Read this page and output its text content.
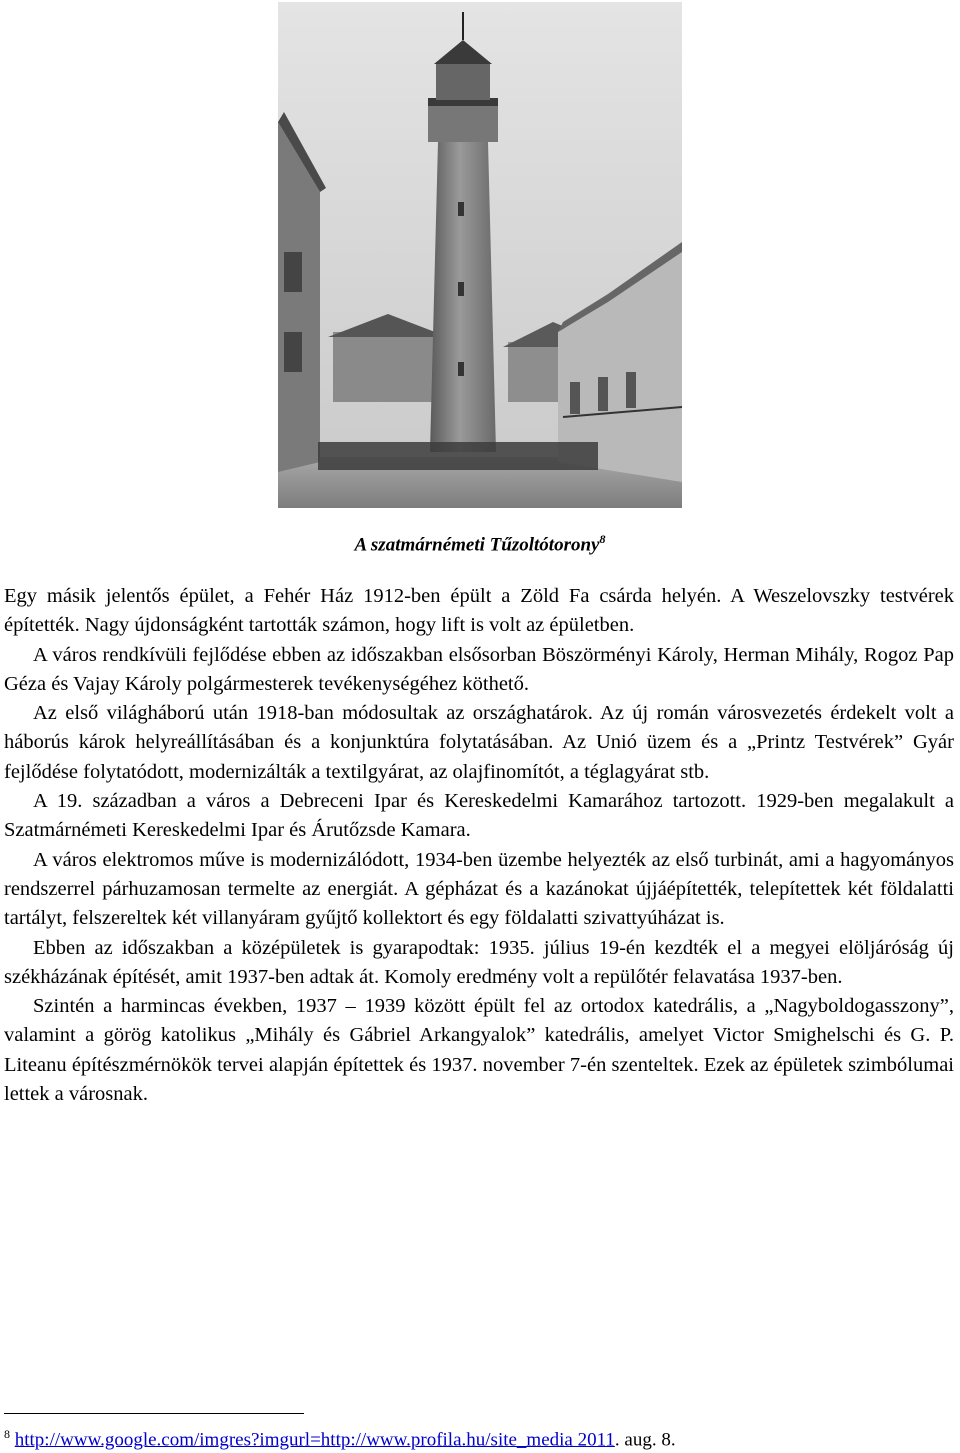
A szatmárnémeti Tűzoltótorony$^8$

Egy másik jelentős épület, a Fehér Ház 1912-ben épült a Zöld Fa csárda helyén. A Weszelovszky testvérek építették. Nagy újdonságként tartották számon, hogy lift is volt az épületben.

A város rendkívüli fejlődése ebben az időszakban elsősorban Böszörményi Károly, Herman Mihály, Rogoz Pap Géza és Vajay Károly polgármesterek tevékenységéhez köthető.

Az első világháború után 1918-ban módosultak az országhatárok. Az új román városvezetés érdekelt volt a háborús károk helyreállításában és a konjunktúra folytatásában. Az Unió üzem és a „Printz Testvérek” Gyár fejlődése folytatódott, modernizálták a textilgyárat, az olajfinomítót, a téglagyárat stb.

A 19. században a város a Debreceni Ipar és Kereskedelmi Kamarához tartozott. 1929-ben megalakult a Szatmárnémeti Kereskedelmi Ipar és Árutőzsde Kamara.

A város elektromos műve is modernizálódott, 1934-ben üzembe helyezték az első turbinát, ami a hagyományos rendszerrel párhuzamosan termelte az energiát. A gépházat és a kazánokat újjáépítették, telepítettek két földalatti tartályt, felszereltek két villanyáram gyűjtő kollektort és egy földalatti szivattyúházat is.

Ebben az időszakban a középületek is gyarapodtak: 1935. július 19-én kezdték el a megyei elöljáróság új székházának építését, amit 1937-ben adtak át. Komoly eredmény volt a repülőtér felavatása 1937-ben.

Szintén a harmincas években, 1937 – 1939 között épült fel az ortodox katedrális, a „Nagyboldogasszony”, valamint a görög katolikus „Mihály és Gábriel Arkangyalok” katedrális, amelyet Victor Smighelschi és G. P. Liteanu építészmérnökök tervei alapján építettek és 1937. november 7-én szenteltek. Ezek az épületek szimbólumai lettek a városnak.

$^8$ http://www.google.com/imgres?imgurl=http://www.profila.hu/site_media 2011. aug. 8.
